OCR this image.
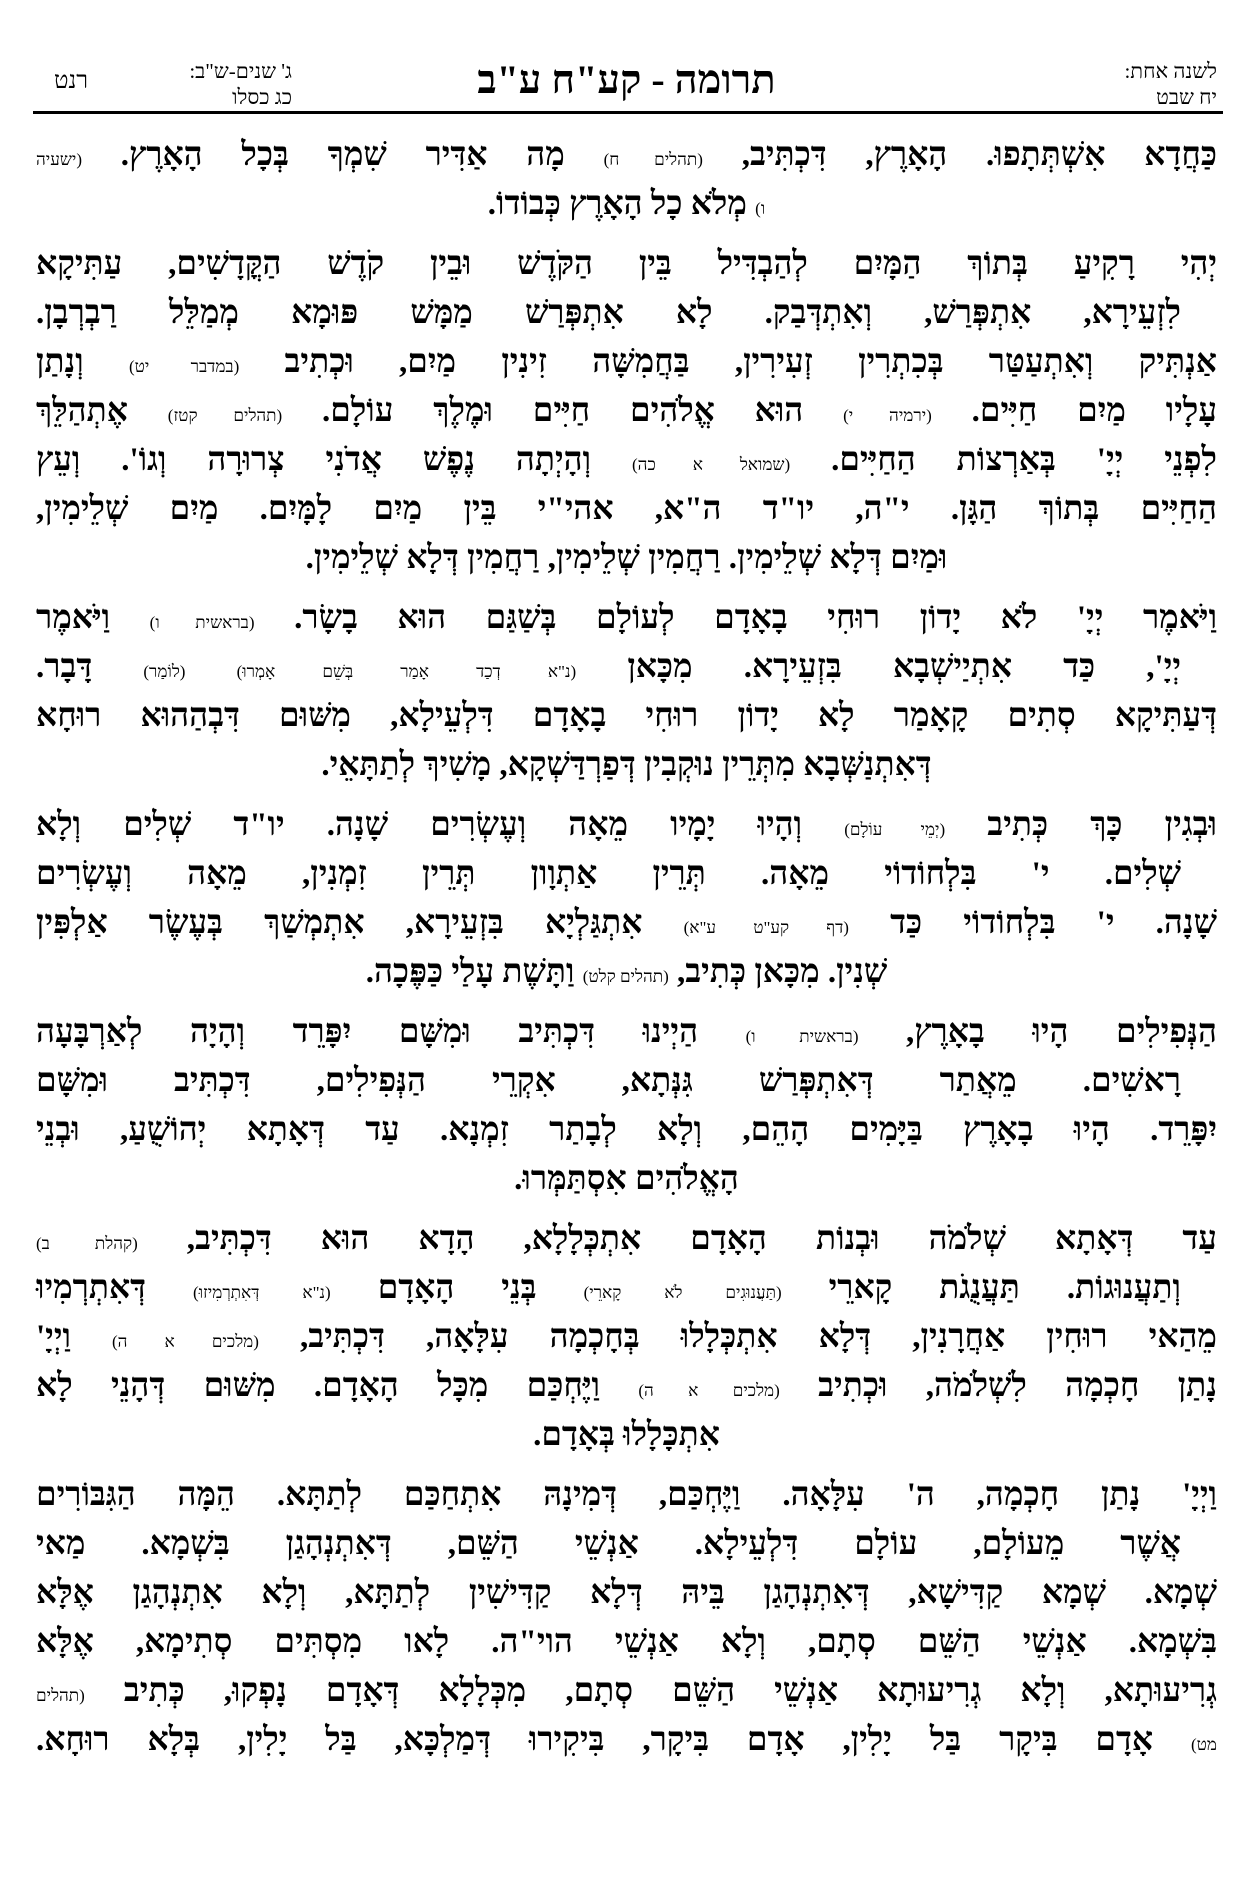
לשנה אחת:
יח שבט
תרומה - קע"ח ע"ב
ג' שנים-ש"ב:
כג כסלו
רנט
כַּחֲדָא אִשְׁתְּתָפוּ. הָאָרֶץ, דִּכְתִּיב, (תהלים ח) מָה אַדִּיר שִׁמְךָ בְּכָל הָאָרֶץ. (ישעיה
ו) מְלֹא כָל הָאָרֶץ כְּבוֹדוֹ.
יְהִי רָקִיעַ בְּתוֹךְ הַמָּיִם לְהַבְדִּיל בֵּין הַקֹּדֶשׁ וּבֵין קֹדֶשׁ הַקֳּדָשִׁים, עַתִּיקָא
לִזְעֵירָא, אִתְפְּרַשׁ, וְאִתְדְּבַק. לָא אִתְפְּרַשׁ מַמָּשׁ פּוּמָא מְמַלֵּל רַבְרְבָן.
אַנְתִּיק וְאִתְעַטַּר בְּכִתְרִין זְעִירִין, בַּחֲמִשָּׁה זִינִין מַיִם, וּכְתִיב (במדבר יט) וְנָתַן
עָלָיו מַיִם חַיִּים. (ירמיה י) הוּא אֱלֹהִים חַיִּים וּמֶלֶךְ עוֹלָם. (תהלים קטז) אֶתְהַלֵּךְ
לִפְנֵי יְיָ' בְּאַרְצוֹת הַחַיִּים. (שמואל א כה) וְהָיְתָה נֶפֶשׁ אֲדֹנִי צְרוּרָה וְגוֹ'. וְעֵץ
הַחַיִּים בְּתוֹךְ הַגָּן. י"ה, יו"ד ה"א, אהי"י בֵּין מַיִם לָמָּיִם. מַיִם שְׁלֵימִין,
וּמַיִם דְּלָא שְׁלֵימִין. רַחֲמִין שְׁלֵימִין, רַחֲמִין דְּלָא שְׁלֵימִין.
וַיֹּאמֶר יְיָ' לֹא יָדוֹן רוּחִי בָאָדָם לְעוֹלָם בְּשַׁגַּם הוּא בָשָׂר. (בראשית ו) וַיֹּאמֶר
יְיָ', כַּד אִתְיַישְׁבָא בִּזְעֵירָא. מִכָּאן (נ"א דְכַד אָמַר בְּשֵׁם אָמְרוּ) (לוֹמַר) דָּבָר.
דְּעַתִּיקָא סְתִים קָאָמַר לָא יָדוֹן רוּחִי בָאָדָם דִּלְעֵילָא, מִשּׁוּם דִּבְהַהוּא רוּחָא
דְּאִתְנַשְּׁבָא מִתְּרֵין נוּקְבִין דְּפַרְדַּשְׁקָא, מָשִׁיךְ לְתַתָּאֵי.
וּבְגִין כָּךְ כְּתִיב (יְמֵי עוֹלָם) וְהָיוּ יָמָיו מֵאָה וְעֶשְׂרִים שָׁנָה. יו"ד שְׁלִים וְלָא
שְׁלִים. י' בִּלְחוֹדוֹי מֵאָה. תְּרֵין אַתְוָון תְּרֵין זִמְנִין, מֵאָה וְעֶשְׂרִים
שָׁנָה. י' בִּלְחוֹדוֹי כַּד (דף קע"ט ע"א) אִתְגַּלְיָא בִּזְעֵירָא, אִתְמְשַׁךְ בְּעֶשֶׂר אַלְפִּין
שְׁנִין. מִכָּאן כְּתִיב, (תהלים קלט) וַתָּשֶׁת עָלַי כַּפֶּכָה.
הַנְּפִילִים הָיוּ בָאָרֶץ, (בראשית ו) הַיְינוּ דִּכְתִּיב וּמִשָּׁם יִפָּרֵד וְהָיָה לְאַרְבָּעָה
רָאשִׁים. מֵאֲתַר דְּאִתְפְּרַשׁ גִּנְּתָא, אִקְרֵי הַנְּפִילִים, דִּכְתִּיב וּמִשָּׁם
יִפָּרֵד. הָיוּ בָאָרֶץ בַּיָּמִים הָהֵם, וְלָא לְבָתַר זִמְנָא. עַד דְּאָתָא יְהוֹשֻׁעַ, וּבְנֵי
הָאֱלֹהִים אִסְתַּמְּרוּ.
עַד דְּאָתָא שְׁלֹמֹה וּבְנוֹת הָאָדָם אִתְכְּלָלָא, הָדָא הוּא דִּכְתִּיב, (קהלת ב)
וְתַעֲנוּגוֹת. תַּעֲנֻגֹת קָארֵי (תַּעֲנוּגִים לֹא קָארֵי) בְּנֵי הָאָדָם (נ"א דְּאִתְרְמִיזוּ) דְּאִתְרְמִיוּ
מֵהַאי רוּחִין אַחֲרָנִין, דְּלָא אִתְכְּלָלוּ בְּחָכְמָה עִלָּאָה, דִּכְתִּיב, (מלכים א ה) וַיְיָ'
נָתַן חָכְמָה לִשְׁלֹמֹה, וּכְתִיב (מלכים א ה) וַיֶּחְכַּם מִכָּל הָאָדָם. מִשּׁוּם דְּהָנֵי לָא
אִתְכָּלָלוּ בְּאָדָם.
וַיְיָ' נָתַן חָכְמָה, ה' עִלָּאָה. וַיֶּחְכַּם, דְּמִינָהּ אִתְחַכַּם לְתַתָּא. הֵמָּה הַגִּבּוֹרִים
אֲשֶׁר מֵעוֹלָם, עוֹלָם דִּלְעֵילָא. אַנְשֵׁי הַשֵּׁם, דְּאִתְנְהָגַן בִּשְׁמָא. מַאי
שְׁמָא. שְׁמָא קַדִּישָׁא, דְּאִתְנְהָגַן בֵּיהּ דְּלָא קַדִּישִׁין לְתַתָּא, וְלָא אִתְנְהָגַן אֶלָּא
בִּשְׁמָא. אַנְשֵׁי הַשֵּׁם סְתָם, וְלָא אַנְשֵׁי הוי"ה. לָאו מִסְתִּים סְתִימָא, אֶלָּא
גְרִיעוּתָא, וְלָא גְרִיעוּתָא אַנְשֵׁי הַשֵּׁם סְתָם, מִכְּלָלָא דְּאָדָם נָפְקוּ, כְּתִיב (תהלים
מט) אָדָם בִּיקָר בַּל יָלִין, אָדָם בִּיקָר, בִּיקִירוּ דְּמַלְכָּא, בַּל יָלִין, בְּלָא רוּחָא.
